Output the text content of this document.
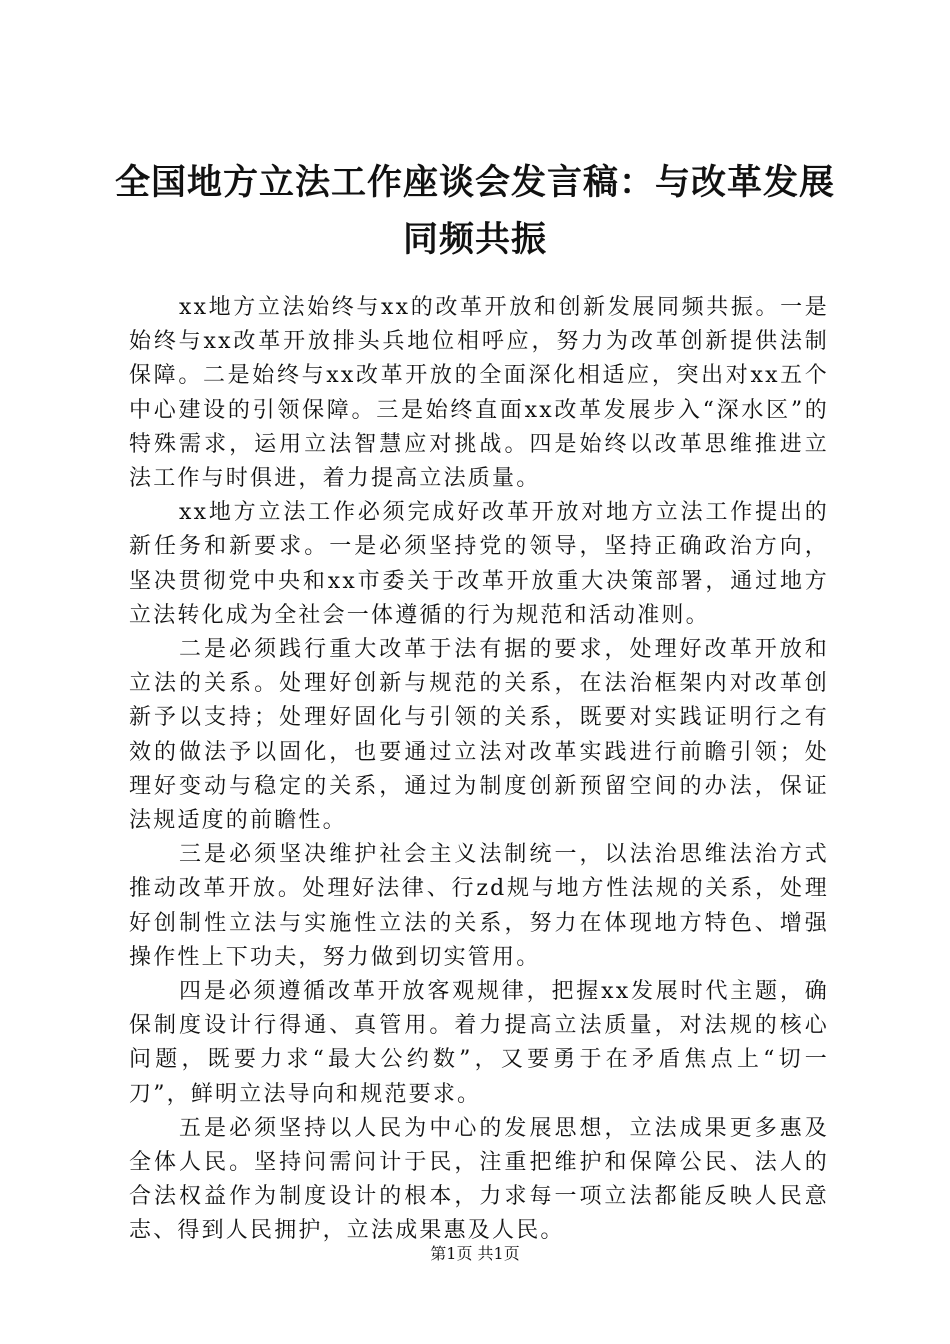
全国地方立法工作座谈会发言稿：与改革发展同频共振

xx地方立法始终与xx的改革开放和创新发展同频共振。一是始终与xx改革开放排头兵地位相呼应，努力为改革创新提供法制保障。二是始终与xx改革开放的全面深化相适应，突出对xx五个中心建设的引领保障。三是始终直面xx改革发展步入“深水区”的特殊需求，运用立法智慧应对挑战。四是始终以改革思维推进立法工作与时俱进，着力提高立法质量。

xx地方立法工作必须完成好改革开放对地方立法工作提出的新任务和新要求。一是必须坚持党的领导，坚持正确政治方向，坚决贯彻党中央和xx市委关于改革开放重大决策部署，通过地方立法转化成为全社会一体遵循的行为规范和活动准则。

二是必须践行重大改革于法有据的要求，处理好改革开放和立法的关系。处理好创新与规范的关系，在法治框架内对改革创新予以支持；处理好固化与引领的关系，既要对实践证明行之有效的做法予以固化，也要通过立法对改革实践进行前瞻引领；处理好变动与稳定的关系，通过为制度创新预留空间的办法，保证法规适度的前瞻性。

三是必须坚决维护社会主义法制统一，以法治思维法治方式推动改革开放。处理好法律、行zd规与地方性法规的关系，处理好创制性立法与实施性立法的关系，努力在体现地方特色、增强操作性上下功夫，努力做到切实管用。

四是必须遵循改革开放客观规律，把握xx发展时代主题，确保制度设计行得通、真管用。着力提高立法质量，对法规的核心问题，既要力求“最大公约数”，又要勇于在矛盾焦点上“切一刀”，鲜明立法导向和规范要求。

五是必须坚持以人民为中心的发展思想，立法成果更多惠及全体人民。坚持问需问计于民，注重把维护和保障公民、法人的合法权益作为制度设计的根本，力求每一项立法都能反映人民意志、得到人民拥护，立法成果惠及人民。

第1页 共1页
